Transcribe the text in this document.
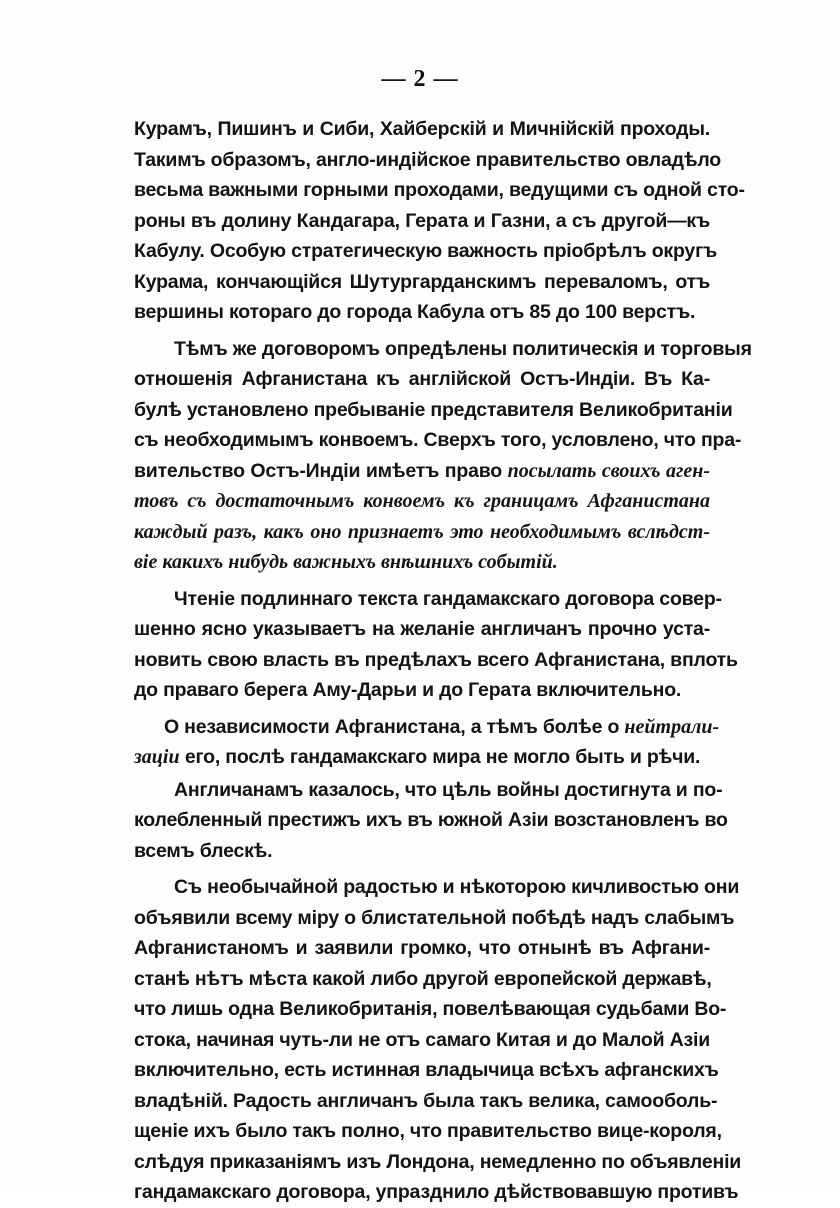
— 2 —
Курамъ, Пишинъ и Сиби, Хайберскій и Мичнійскій проходы.
Такимъ образомъ, англо-индійское правительство овладѣло
весьма важными горными проходами, ведущими съ одной сто-
роны въ долину Кандагара, Герата и Газни, а съ другой—къ
Кабулу. Особую стратегическую важность пріобрѣлъ округъ
Курама, кончающійся Шутургарданскимъ переваломъ, отъ
вершины котораго до города Кабула отъ 85 до 100 верстъ.
Тѣмъ же договоромъ опредѣлены политическія и торговыя
отношенія Афганистана къ англійской Остъ-Индіи. Въ Ка-
булѣ установлено пребываніе представителя Великобританіи
съ необходимымъ конвоемъ. Сверхъ того, условлено, что пра-
вительство Остъ-Индіи имѣетъ право посылать своихъ аген-
товъ съ достаточнымъ конвоемъ къ границамъ Афганистана
каждый разъ, какъ оно признаетъ это необходимымъ вслѣдст-
віе какихъ нибудь важныхъ внѣшнихъ событій.
Чтеніе подлиннаго текста гандамакскаго договора совер-
шенно ясно указываетъ на желаніе англичанъ прочно уста-
новить свою власть въ предѣлахъ всего Афганистана, вплоть
до праваго берега Аму-Дарьи и до Герата включительно.
О независимости Афганистана, а тѣмъ болѣе о нейтрали-
заціи его, послѣ гандамакскаго мира не могло быть и рѣчи.
Англичанамъ казалось, что цѣль войны достигнута и по-
колебленный престижъ ихъ въ южной Азіи возстановленъ во
всемъ блескѣ.
Съ необычайной радостью и нѣкоторою кичливостью они
объявили всему міру о блистательной побѣдѣ надъ слабымъ
Афганистаномъ и заявили громко, что отнынѣ въ Афгани-
станѣ нѣтъ мѣста какой либо другой европейской державѣ,
что лишь одна Великобританія, повелѣвающая судьбами Во-
стока, начиная чуть-ли не отъ самаго Китая и до Малой Азіи
включительно, есть истинная владычица всѣхъ афганскихъ
владѣній. Радость англичанъ была такъ велика, самооболь-
щеніе ихъ было такъ полно, что правительство вице-короля,
слѣдуя приказаніямъ изъ Лондона, немедленно по объявленіи
гандамакскаго договора, упразднило дѣйствовавшую противъ
